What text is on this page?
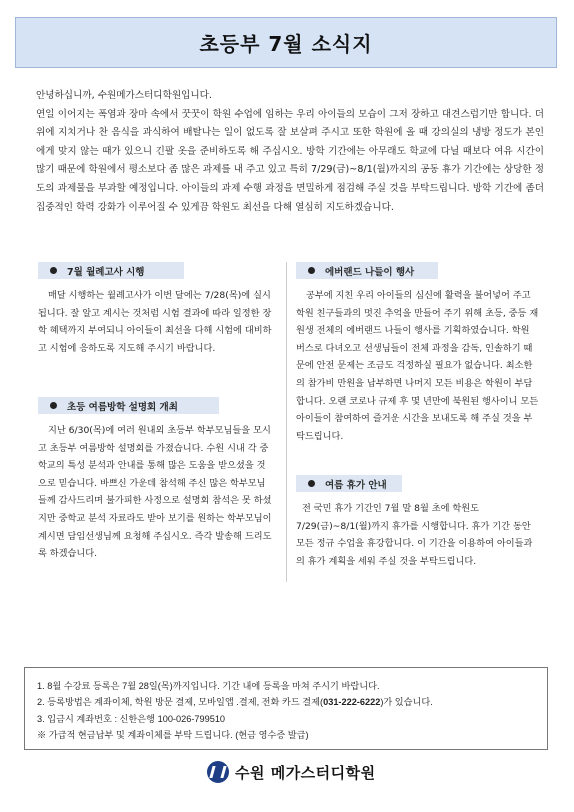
초등부 7월 소식지

안녕하십니까, 수원메가스터디학원입니다.

연일 이어지는 폭염과 장마 속에서 꿋꿋이 학원 수업에 임하는 우리 아이들의 모습이 그저 장하고 대견스럽기만 합니다. 더위에 지치거나 찬 음식을 과식하여 배탈나는 일이 없도록 잘 보살펴 주시고 또한 학원에 올 때 강의실의 냉방 정도가 본인에게 맞지 않는 때가 있으니 긴팔 옷을 준비하도록 해 주십시오. 방학 기간에는 아무래도 학교에 다닐 때보다 여유 시간이 많기 때문에 학원에서 평소보다 좀 많은 과제를 내 주고 있고 특히 7/29(금)~8/1(월)까지의 공동 휴가 기간에는 상당한 정도의 과제물을 부과할 예정입니다. 아이들의 과제 수행 과정을 면밀하게 점검해 주실 것을 부탁드립니다. 방학 기간에 좀더 집중적인 학력 강화가 이루어질 수 있게끔 학원도 최선을 다해 열심히 지도하겠습니다.

7월 월례고사 시행

매달 시행하는 월례고사가 이번 달에는 7/28(목)에 실시됩니다. 잘 알고 계시는 것처럼 시험 결과에 따라 일정한 장학 혜택까지 부여되니 아이들이 최선을 다해 시험에 대비하고 시험에 응하도록 지도해 주시기 바랍니다.

초등 여름방학 설명회 개최

지난 6/30(목)에 여러 원내외 초등부 학부모님들을 모시고 초등부 여름방학 설명회를 가졌습니다. 수원 시내 각 중학교의 특성 분석과 안내를 통해 많은 도움을 받으셨을 것으로 믿습니다. 바쁘신 가운데 참석해 주신 많은 학부모님들께 감사드리며 불가피한 사정으로 설명회 참석은 못 하셨지만 중학교 분석 자료라도 받아 보기를 원하는 학부모님이 계시면 담임선생님께 요청해 주십시오. 즉각 발송해 드리도록 하겠습니다.

에버랜드 나들이 행사

공부에 지친 우리 아이들의 심신에 활력을 불어넣어 주고 학원 친구들과의 멋진 추억을 만들어 주기 위해 초등, 중등 재원생 전체의 에버랜드 나들이 행사를 기획하였습니다. 학원 버스로 다녀오고 선생님들이 전체 과정을 감독, 인솔하기 때문에 안전 문제는 조금도 걱정하실 필요가 없습니다. 최소한의 참가비 만원을 납부하면 나머지 모든 비용은 학원이 부담합니다. 오랜 코로나 규제 후 몇 년만에 북원된 행사이니 모든 아이들이 참여하여 즐거운 시간을 보내도록 해 주실 것을 부탁드립니다.

여름 휴가 안내

전 국민 휴가 기간인 7월 말 8월 초에 학원도 7/29(금)~8/1(월)까지 휴가를 시행합니다. 휴가 기간 동안 모든 정규 수업을 휴강합니다. 이 기간을 이용하여 아이들과의 휴가 계획을 세워 주실 것을 부탁드립니다.

1. 8월 수강료 등록은 7월 28일(목)까지입니다. 기간 내에 등록을 마쳐 주시기 바랍니다.
2. 등록방법은 계좌이체, 학원 방문 결제, 모바일앱 .결제, 전화 카드 결제(031-222-6222)가 있습니다.
3. 입금시 계좌번호 : 신한은행 100-026-799510
※ 가급적 현금납부 및 계좌이체를 부탁 드립니다. (현금 영수증 발급)
수원 메가스터디학원
